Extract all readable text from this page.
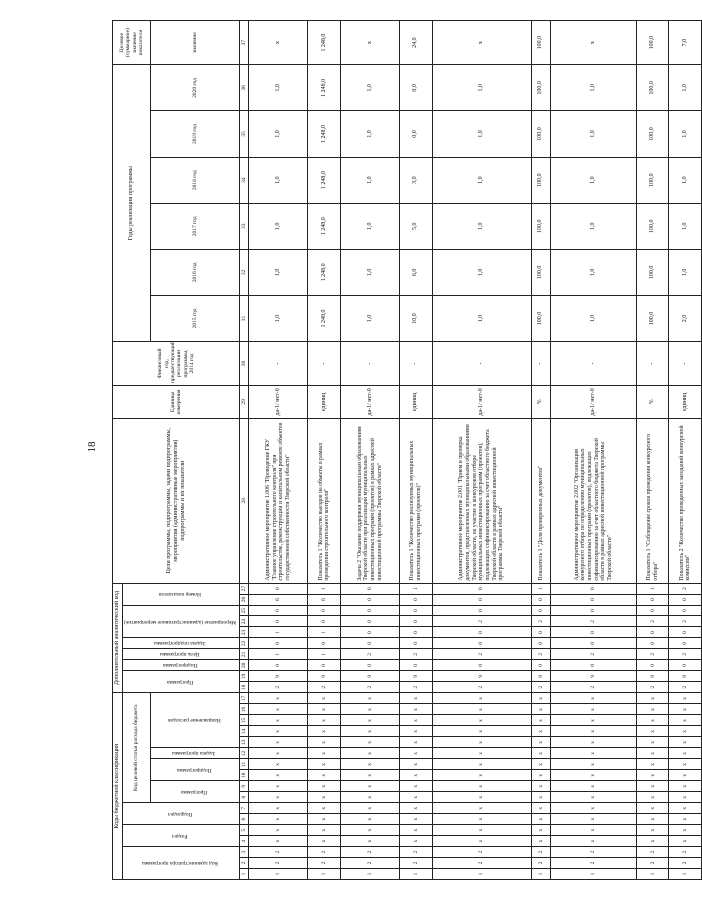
18
Коды бюджетной классификации																	Дополнительный аналитический код										Цели программы, подпрограммы, задачи подпрограммы, мероприятия (административные мероприятия) подпрограммы и их показатели	Единица измерения	Финансовый год, предшествующий реализации программы, 2014 год	Годы реализации программы						Целевое (суммарное) значение показателя
Код администратора программы			Раздел		Подраздел		Код целевой статьи расхода бюджета										Программа		Подпрограмма	Цель программы	Задача подпрограммы	Мероприятие (административное мероприятие)			Номер показателя											
							Программа		Подпрограмма		Задача программы	Направление расходов																		2015 год	2016 год	2017 год	2018 год	2019 год	2020 год	значение
1	2	3	4	5	6	7	8	9	10	11	12	13	14	15	16	17	18	19	20	21	22	23	24	25	26	27	28	29	30	31	32	33	34	35	36	37
1	2	2	x	x	x	x	x	x	x	x	x	x	x	x	x	x	2	9	0	1	0	1	0	0	6	0	Административное мероприятие 1.006 "Проведение ГКУ "Главное управление строительного контроля" при строительстве, реконструкции и капитальном ремонте объектов государственной собственности Тверской области"	да-1/ нет-0	-	1,0	1,0	1,0	1,0	1,0	1,0	x
1	2	2	x	x	x	x	x	x	x	x	x	x	x	x	x	x	2	9	0	1	0	1	0	0	6	1	Показатель 1 "Количество выездов на объекты в рамках проведения строительного контроля"	единиц	-	1 248,0	1 248,0	1 248,0	1 248,0	1 248,0	1 248,0	1 248,0
1	2	2	x	x	x	x	x	x	x	x	x	x	x	x	x	x	2	9	0	2	0	0	0	0	0	0	Задача 2 "Оказание поддержки муниципальным образованиям Тверской области при реализации муниципальных инвестиционных программ (проектов) в рамках адресной инвестиционной программы Тверской области"	да-1/ нет-0	-	1,0	1,0	1,0	1,0	1,0	1,0	x
1	2	2	x	x	x	x	x	x	x	x	x	x	x	x	x	x	2	9	0	2	0	0	0	0	0	1	Показатель 1 "Количество реализуемых муниципальных инвестиционных программ (проектов)"	единиц	-	10,0	6,0	5,0	3,0	0,0	0,0	24,0
1	2	2	x	x	x	x	x	x	x	x	x	x	x	x	x	x	2	9	0	2	0	0	2	0	0	0	Административное мероприятие 2.001 "Прием и проверка документов, представленных муниципальными образованиями Тверской области, на участие в конкурсном отборе муниципальных инвестиционных программ (проектов), подлежащих софинансированию за счет областного бюджета Тверской области в рамках адресной инвестиционной программы Тверской области"	да-1/ нет-0	-	1,0	1,0	1,0	1,0	1,0	1,0	x
1	2	2	x	x	x	x	x	x	x	x	x	x	x	x	x	x	2	9	0	2	0	0	2	0	0	1	Показатель 1 "Доля проверенных документов"	%	-	100,0	100,0	100,0	100,0	100,0	100,0	100,0
1	2	2	x	x	x	x	x	x	x	x	x	x	x	x	x	x	2	9	0	2	0	0	2	0	0	0	Административное мероприятие 2.002 "Организация конкурсного отбора по определению муниципальных инвестиционных программ (проектов), подлежащих софинансированию за счет областного бюджета Тверской области в рамках адресной инвестиционной программы Тверской области"	да-1/ нет-0	-	1,0	1,0	1,0	1,0	1,0	1,0	x
1	2	2	x	x	x	x	x	x	x	x	x	x	x	x	x	x	2	9	0	2	0	0	2	0	0	1	Показатель 1 "Соблюдение сроков проведения конкурсного отбора"	%	-	100,0	100,0	100,0	100,0	100,0	100,0	100,0
1	2	2	x	x	x	x	x	x	x	x	x	x	x	x	x	x	2	9	0	2	0	0	2	0	0	2	Показатель 2 "Количество проведенных заседаний конкурсной комиссии"	единиц	-	2,0	1,0	1,0	1,0	1,0	1,0	7,0
